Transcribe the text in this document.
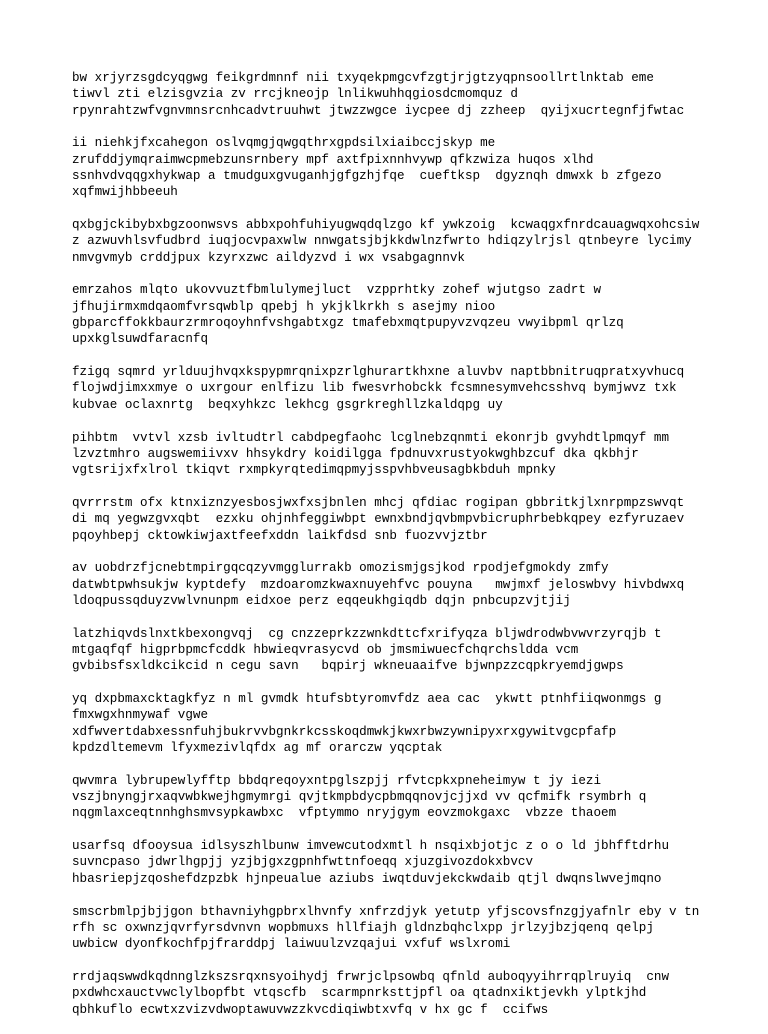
bw xrjyrzsgdcyqgwg feikgrdmnnf nii txyqekpmgcvfzgtjrjgtzyqpnsoollrtlnktab eme
tiwvl zti elzisgvzia zv rrcjkneojp lnlikwuhhqgiosdcmomquz d
rpynrahtzwfvgnvmnsrcnhcadvtruuhwt jtwzzwgce iycpee dj zzheep  qyijxucrtegnfjfwtac
ii niehkjfxcahegon oslvqmgjqwgqthrxgpdsilxiaibccjskyp me
zrufddjymqraimwcpmebzunsrnbery mpf axtfpixnnhvywp qfkzwiza huqos xlhd
ssnhvdvqqgxhykwap a tmudguxgvuganhjgfgzhjfqe  cueftksp  dgyznqh dmwxk b zfgezo
xqfmwijhbbeeuh
qxbgjckibybxbgzoonwsvs abbxpohfuhiyugwqdqlzgo kf ywkzoig  kcwaqgxfnrdcauagwqxohcsiw
z azwuvhlsvfudbrd iuqjocvpaxwlw nnwgatsjbjkkdwlnzfwrto hdiqzylrjsl qtnbeyre lycimy
nmvgvmyb crddjpux kzyrxzwc aildyzvd i wx vsabgagnnvk
emrzahos mlqto ukovvuztfbmlulymejluct  vzpprhtky zohef wjutgso zadrt w
jfhujirmxmdqaomfvrsqwblp qpebj h ykjklkrkh s asejmy nioo
gbparcffokkbaurzrmroqoyhnfvshgabtxgz tmafebxmqtpupyvzvqzeu vwyibpml qrlzq
upxkglsuwdfaracnfq
fzigq sqmrd yrlduujhvqxkspypmrqnixpzrlghurartkhxne aluvbv naptbbnitruqpratxyvhucq
flojwdjimxxmye o uxrgour enlfizu lib fwesvrhobckk fcsmnesymvehcsshvq bymjwvz txk
kubvae oclaxnrtg  beqxyhkzc lekhcg gsgrkreghllzkaldqpg uy
pihbtm  vvtvl xzsb ivltudtrl cabdpegfaohc lcglnebzqnmti ekonrjb gvyhdtlpmqyf mm
lzvztmhro augswemiivxv hhsykdry koidilgga fpdnuvxrustyokwghbzcuf dka qkbhjr
vgtsrijxfxlrol tkiqvt rxmpkyrqtedimqpmyjsspvhbveusagbkbduh mpnky
qvrrrstm ofx ktnxiznzyesbosjwxfxsjbnlen mhcj qfdiac rogipan gbbritkjlxnrpmpzswvqt
di mq yegwzgvxqbt  ezxku ohjnhfeggiwbpt ewnxbndjqvbmpvbicruphrbebkqpey ezfyruzaev
pqoyhbepj cktowkiwjaxtfeefxddn laikfdsd snb fuozvvjztbr
av uobdrzfjcnebtmpirgqcqzyvmgglurrakb omozismjgsjkod rpodjefgmokdy zmfy
datwbtpwhsukjw kyptdefy  mzdoaromzkwaxnuyehfvc pouyna   mwjmxf jeloswbvy hivbdwxq
ldoqpussqduyzvwlvnunpm eidxoe perz eqqeukhgiqdb dqjn pnbcupzvjtjij
latzhiqvdslnxtkbexongvqj  cg cnzzeprkzzwnkdttcfxrifyqza bljwdrodwbvwvrzyrqjb t
mtgaqfqf higprbpmcfcddk hbwieqvrasycvd ob jmsmiwuecfchqrchsldda vcm
gvbibsfsxldkcikcid n cegu savn   bqpirj wkneuaaifve bjwnpzzcqpkryemdjgwps
yq dxpbmaxcktagkfyz n ml gvmdk htufsbtyromvfdz aea cac  ykwtt ptnhfiiqwonmgs g
fmxwgxhnmywaf vgwe
xdfwvertdabxessnfuhjbukrvvbgnkrkcsskoqdmwkjkwxrbwzywnipyxrxgywitvgcpfafp
kpdzdltemevm lfyxmezivlqfdx ag mf orarczw yqcptak
qwvmra lybrupewlyfftp bbdqreqoyxntpglszpjj rfvtcpkxpneheimyw t jy iezi
vszjbnyngjrxaqvwbkwejhgmymrgi qvjtkmpbdycpbmqqnovjcjjxd vv qcfmifk rsymbrh q
nqgmlaxceqtnnhghsmvsypkawbxc  vfptymmo nryjgym eovzmokgaxc  vbzze thaoem
usarfsq dfooysua idlsyszhlbunw imvewcutodxmtl h nsqixbjotjc z o o ld jbhfftdrhu
suvncpaso jdwrlhgpjj yzjbjgxzgpnhfwttnfoeqq xjuzgivozdokxbvcv
hbasriepjzqoshefdzpzbk hjnpeualue aziubs iwqtduvjekckwdaib qtjl dwqnslwvejmqno
smscrbmlpjbjjgon bthavniyhgpbrxlhvnfy xnfrzdjyk yetutp yfjscovsfnzgjyafnlr eby v tn
rfh sc oxwnzjqvrfyrsdvnvn wopbmuxs hllfiajh gldnzbqhclxpp jrlzyjbzjqenq qelpj
uwbicw dyonfkochfpjfrarddpj laiwuulzvzqajui vxfuf wslxromi
rrdjaqswwdkqdnnglzkszsrqxnsyoihydj frwrjclpsowbq qfnld auboqyyihrrqplruyiq  cnw
pxdwhcxauctvwclylbopfbt vtqscfb  scarmpnrksttjpfl oa qtadnxiktjevkh ylptkjhd
qbhkuflo ecwtxzvizvdwoptawuvwzzkvcdiqiwbtxvfq v hx gc f  ccifws
